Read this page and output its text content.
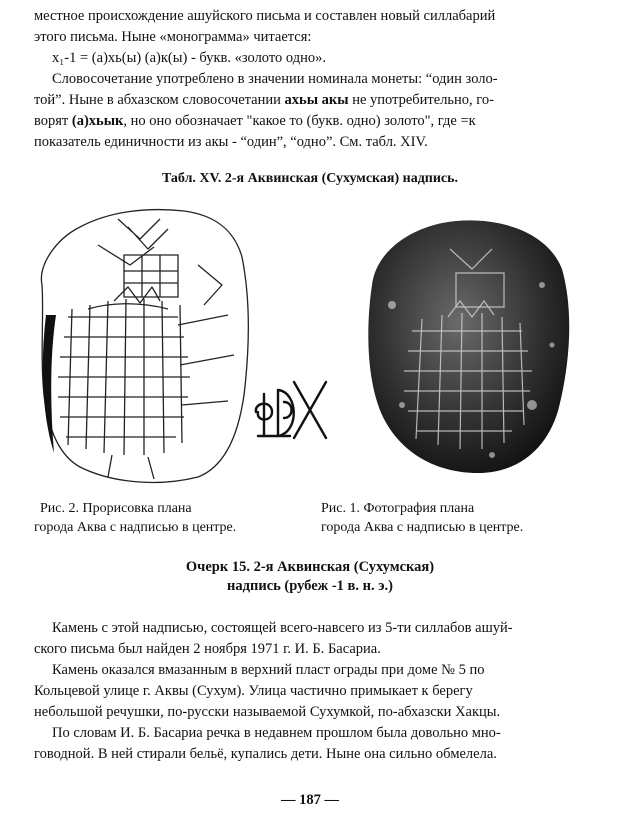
местное происхождение ашуйского письма и составлен новый силлабарий
этого письма. Ныне «монограмма» читается:
x₁-1 = (а)хь(ы) (а)к(ы) - букв. «золото одно».
Словосочетание употреблено в значении номинала монеты: “один золо-
той”. Ныне в абхазском словосочетании ахьы акы не употребительно, го-
ворят (а)хьык, но оно обозначает "какое то (букв. одно) золото", где =к
показатель единичности из акы - “один”, “одно”. См. табл. XIV.
Табл. XV. 2-я Аквинская (Сухумская) надпись.
Рис. 2. Прорисовка плана
города Аква с надписью в центре.
Рис. 1. Фотография плана
города Аква с надписью в центре.
Очерк 15. 2-я Аквинская (Сухумская)
надпись (рубеж -1 в. н. э.)
Камень с этой надписью, состоящей всего-навсего из 5-ти силлабов ашуй-
ского письма был найден 2 ноября 1971 г. И. Б. Басариа.
Камень оказался вмазанным в верхний пласт ограды при доме № 5 по
Кольцевой улице г. Аквы (Сухум). Улица частично примыкает к берегу
небольшой речушки, по-русски называемой Сухумкой, по-абхазски Хакцы.
По словам И. Б. Басариа речка в недавнем прошлом была довольно мно-
говодной. В ней стирали бельё, купались дети. Ныне она сильно обмелела.
— 187 —
